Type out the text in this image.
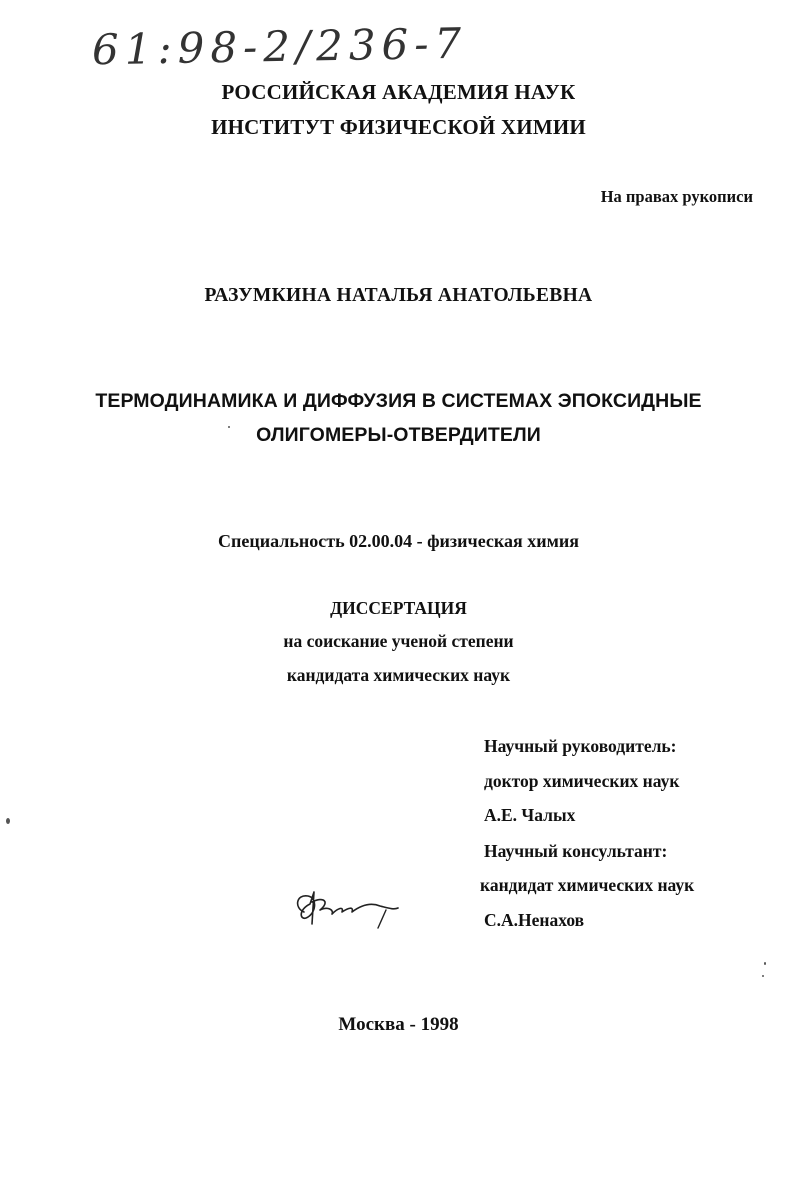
61:98-2/236-7
РОССИЙСКАЯ АКАДЕМИЯ НАУК
ИНСТИТУТ ФИЗИЧЕСКОЙ ХИМИИ
На правах рукописи
РАЗУМКИНА НАТАЛЬЯ АНАТОЛЬЕВНА
ТЕРМОДИНАМИКА И ДИФФУЗИЯ В СИСТЕМАХ ЭПОКСИДНЫЕ
ОЛИГОМЕРЫ-ОТВЕРДИТЕЛИ
Специальность 02.00.04 - физическая химия
ДИССЕРТАЦИЯ
на соискание ученой степени
кандидата химических наук
Научный руководитель:
доктор химических наук
А.Е. Чалых
Научный консультант:
кандидат химических наук
С.А.Ненахов
Москва - 1998
